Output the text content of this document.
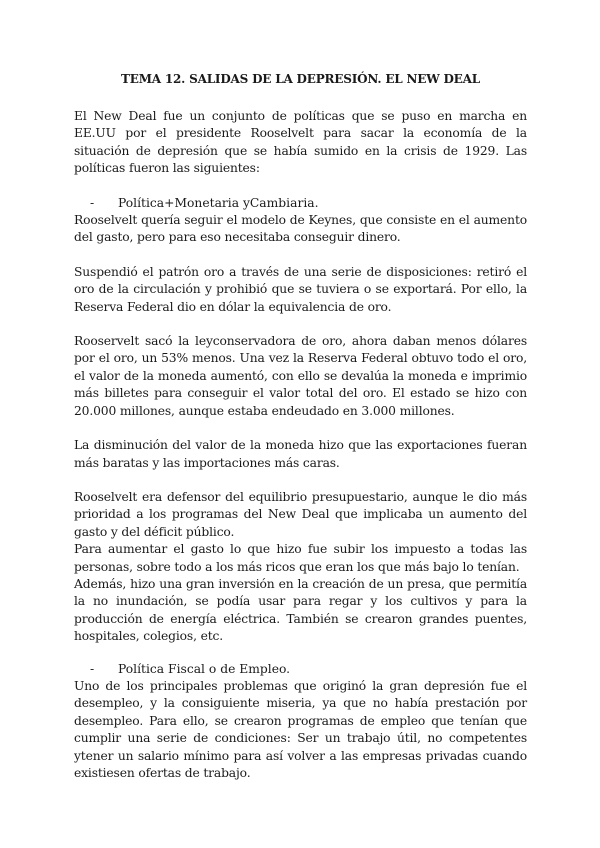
TEMA 12. SALIDAS DE LA DEPRESIÓN. EL NEW DEAL

El New Deal fue un conjunto de políticas que se puso en marcha en EE.UU por el presidente Rooselvelt para sacar la economía de la situación de depresión que se había sumido en la crisis de 1929. Las políticas fueron las siguientes:

-	Política+Monetaria yCambiaria.

Rooselvelt quería seguir el modelo de Keynes, que consiste en el aumento del gasto, pero para eso necesitaba conseguir dinero.

Suspendió el patrón oro a través de una serie de disposiciones: retiró el oro de la circulación y prohibió que se tuviera o se exportará. Por ello, la Reserva Federal dio en dólar la equivalencia de oro.

Rooservelt sacó la leyconservadora de oro, ahora daban menos dólares por el oro, un 53% menos. Una vez la Reserva Federal obtuvo todo el oro, el valor de la moneda aumentó, con ello se devalúa la moneda e imprimio más billetes para conseguir el valor total del oro. El estado se hizo con 20.000 millones, aunque estaba endeudado en 3.000 millones.

La disminución del valor de la moneda hizo que las exportaciones fueran más baratas y las importaciones más caras.

Rooselvelt era defensor del equilibrio presupuestario, aunque le dio más prioridad a los programas del New Deal que implicaba un aumento del gasto y del déficit público.

Para aumentar el gasto lo que hizo fue subir los impuesto a todas las personas, sobre todo a los más ricos que eran los que más bajo lo tenían.

Además, hizo una gran inversión en la creación de un presa, que permitía la no inundación, se podía usar para regar y los cultivos y para la producción de energía eléctrica. También se crearon grandes puentes, hospitales, colegios, etc.

-	Política Fiscal o de Empleo.

Uno de los principales problemas que originó la gran depresión fue el desempleo, y la consiguiente miseria, ya que no había prestación por desempleo. Para ello, se crearon programas de empleo que tenían que cumplir una serie de condiciones: Ser un trabajo útil, no competentes ytener un salario mínimo para así volver a las empresas privadas cuando existiesen ofertas de trabajo.
